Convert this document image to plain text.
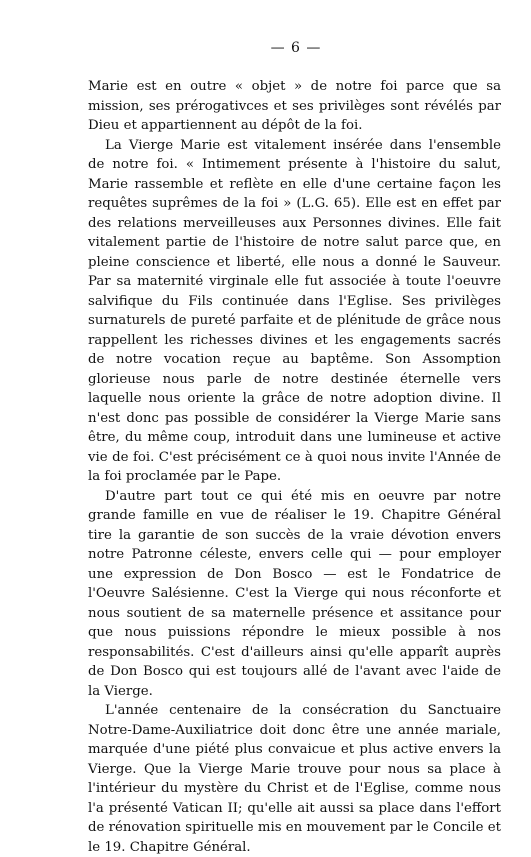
— 6 —

Marie est en outre « objet » de notre foi parce que sa mission, ses prérogativces et ses privilèges sont révélés par Dieu et appartiennent au dépôt de la foi.

La Vierge Marie est vitalement insérée dans l'ensemble de notre foi. « Intimement présente à l'histoire du salut, Marie rassemble et reflète en elle d'une certaine façon les requêtes suprêmes de la foi » (L.G. 65). Elle est en effet par des relations merveilleuses aux Personnes divines. Elle fait vitalement partie de l'histoire de notre salut parce que, en pleine conscience et liberté, elle nous a donné le Sauveur. Par sa maternité virginale elle fut associée à toute l'oeuvre salvifique du Fils continuée dans l'Eglise. Ses privilèges surnaturels de pureté parfaite et de plénitude de grâce nous rappellent les richesses divines et les engagements sacrés de notre vocation reçue au baptême. Son Assomption glorieuse nous parle de notre destinée éternelle vers laquelle nous oriente la grâce de notre adoption divine. Il n'est donc pas possible de considérer la Vierge Marie sans être, du même coup, introduit dans une lumineuse et active vie de foi. C'est précisément ce à quoi nous invite l'Année de la foi proclamée par le Pape.

D'autre part tout ce qui été mis en oeuvre par notre grande famille en vue de réaliser le 19. Chapitre Général tire la garantie de son succès de la vraie dévotion envers notre Patronne céleste, envers celle qui — pour employer une expression de Don Bosco — est le Fondatrice de l'Oeuvre Salésienne. C'est la Vierge qui nous réconforte et nous soutient de sa maternelle présence et assitance pour que nous puissions répondre le mieux possible à nos responsabilités. C'est d'ailleurs ainsi qu'elle apparît auprès de Don Bosco qui est toujours allé de l'avant avec l'aide de la Vierge.

L'année centenaire de la consécration du Sanctuaire Notre-Dame-Auxiliatrice doit donc être une année mariale, marquée d'une piété plus convaicue et plus active envers la Vierge. Que la Vierge Marie trouve pour nous sa place à l'intérieur du mystère du Christ et de l'Eglise, comme nous l'a présenté Vatican II; qu'elle ait aussi sa place dans l'effort de rénovation spirituelle mis en mouvement par le Concile et le 19. Chapitre Général.
